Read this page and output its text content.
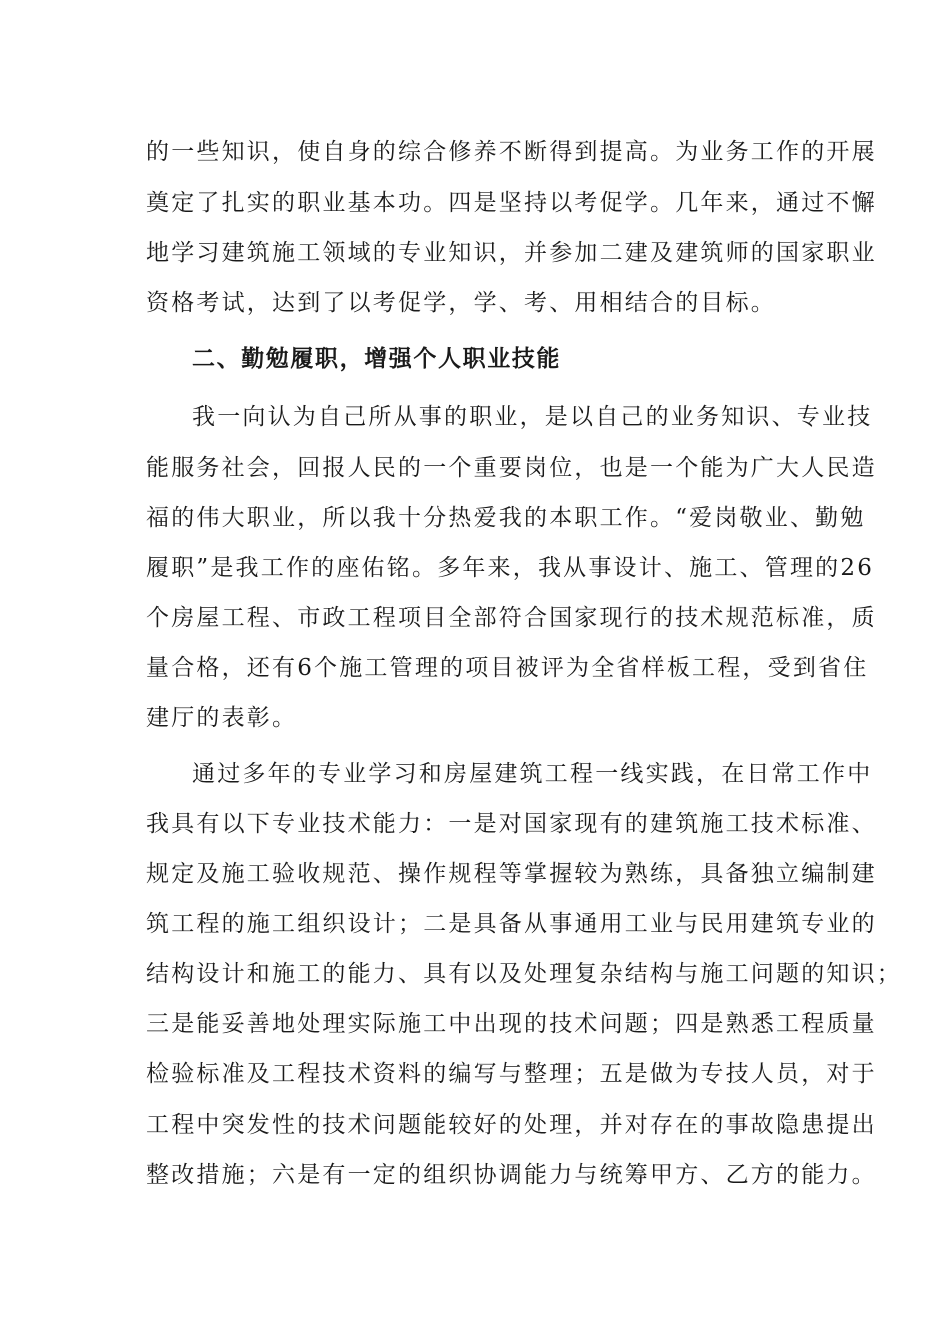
的一些知识，使自身的综合修养不断得到提高。为业务工作的开展
奠定了扎实的职业基本功。四是坚持以考促学。几年来，通过不懈
地学习建筑施工领域的专业知识，并参加二建及建筑师的国家职业
资格考试，达到了以考促学，学、考、用相结合的目标。
二、勤勉履职，增强个人职业技能
我一向认为自己所从事的职业，是以自己的业务知识、专业技
能服务社会，回报人民的一个重要岗位，也是一个能为广大人民造
福的伟大职业，所以我十分热爱我的本职工作。“爱岗敬业、勤勉
履职”是我工作的座佑铭。多年来，我从事设计、施工、管理的26
个房屋工程、市政工程项目全部符合国家现行的技术规范标准，质
量合格，还有6个施工管理的项目被评为全省样板工程，受到省住
建厅的表彰。
通过多年的专业学习和房屋建筑工程一线实践，在日常工作中
我具有以下专业技术能力：一是对国家现有的建筑施工技术标准、
规定及施工验收规范、操作规程等掌握较为熟练，具备独立编制建
筑工程的施工组织设计；二是具备从事通用工业与民用建筑专业的
结构设计和施工的能力、具有以及处理复杂结构与施工问题的知识；
三是能妥善地处理实际施工中出现的技术问题；四是熟悉工程质量
检验标准及工程技术资料的编写与整理；五是做为专技人员，对于
工程中突发性的技术问题能较好的处理，并对存在的事故隐患提出
整改措施；六是有一定的组织协调能力与统筹甲方、乙方的能力。
